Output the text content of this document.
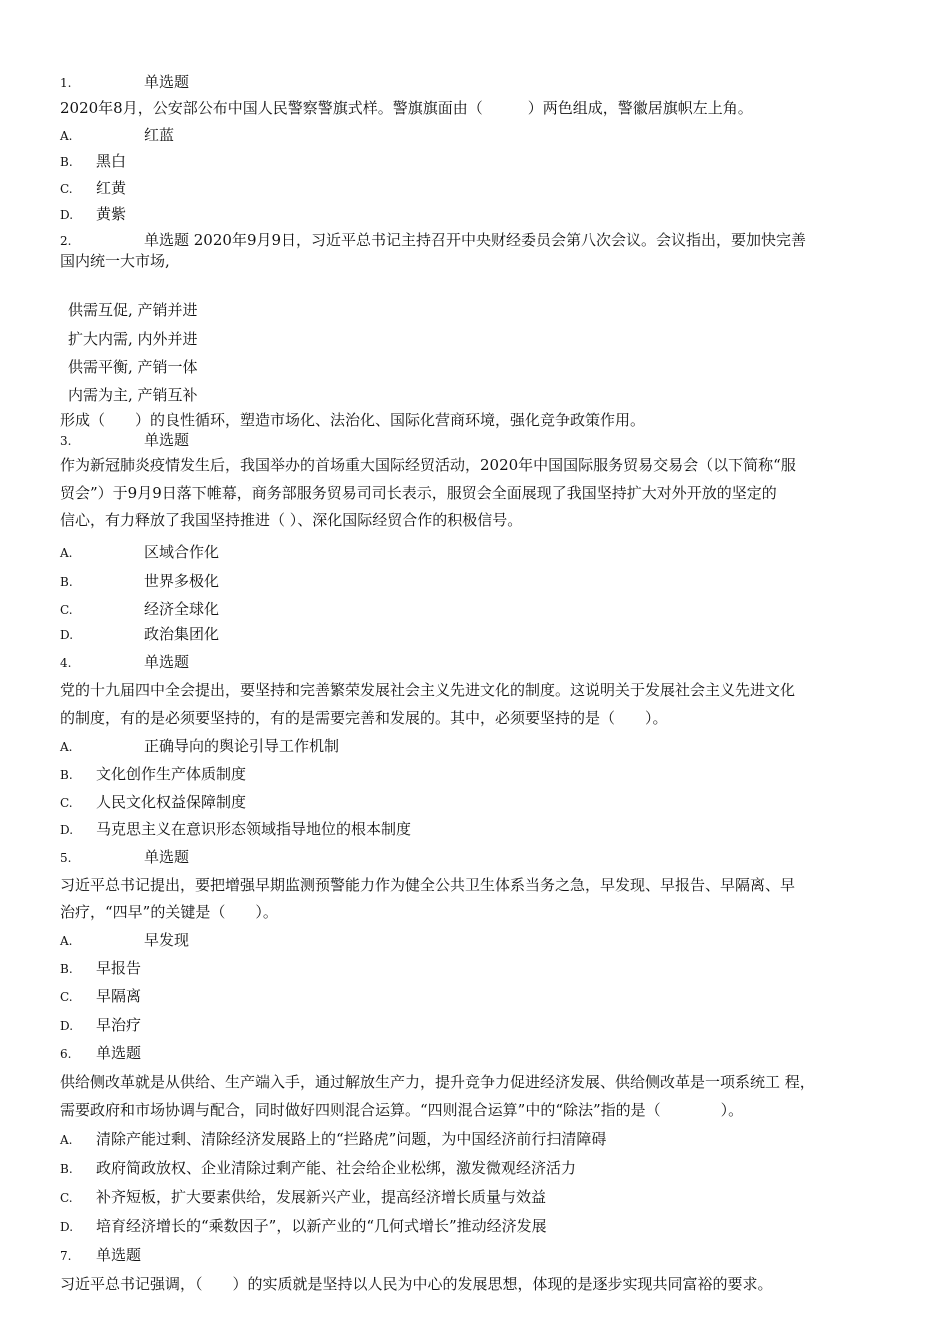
1.	单选题
2020年8月，公安部公布中国人民警察警旗式样。警旗旗面由（　　　）两色组成，警徽居旗帜左上角。
A.	红蓝
B. 黑白
C. 红黄
D. 黄紫
2.	单选题 2020年9月9日，习近平总书记主持召开中央财经委员会第八次会议。会议指出，要加快完善
国内统一大市场,
供需互促, 产销并进
扩大内需, 内外并进
供需平衡, 产销一体
内需为主, 产销互补
形成（　　）的良性循环，塑造市场化、法治化、国际化营商环境，强化竞争政策作用。
3.	单选题
作为新冠肺炎疫情发生后，我国举办的首场重大国际经贸活动，2020年中国国际服务贸易交易会（以下简称“服
贸会”）于9月9日落下帷幕，商务部服务贸易司司长表示，服贸会全面展现了我国坚持扩大对外开放的坚定的
信心，有力释放了我国坚持推进（ ）、深化国际经贸合作的积极信号。
A.	区域合作化
B.	世界多极化
C.	经济全球化
D.	政治集团化
4.	单选题
党的十九届四中全会提出，要坚持和完善繁荣发展社会主义先进文化的制度。这说明关于发展社会主义先进文化
的制度，有的是必须要坚持的，有的是需要完善和发展的。其中，必须要坚持的是（　　）。
A.	正确导向的舆论引导工作机制
B. 文化创作生产体质制度
C. 人民文化权益保障制度
D. 马克思主义在意识形态领域指导地位的根本制度
5.	单选题
习近平总书记提出，要把增强早期监测预警能力作为健全公共卫生体系当务之急，早发现、早报告、早隔离、早
治疗，“四早”的关键是（　　）。
A.	早发现
B. 早报告
C. 早隔离
D. 早治疗
6. 单选题
供给侧改革就是从供给、生产端入手，通过解放生产力，提升竞争力促进经济发展、供给侧改革是一项系统工 程，
需要政府和市场协调与配合，同时做好四则混合运算。“四则混合运算”中的“除法”指的是（　　　　）。
A. 清除产能过剩、清除经济发展路上的“拦路虎”问题，为中国经济前行扫清障碍
B. 政府简政放权、企业清除过剩产能、社会给企业松绑，激发微观经济活力
C. 补齐短板，扩大要素供给，发展新兴产业，提高经济增长质量与效益
D. 培育经济增长的“乘数因子”，以新产业的“几何式增长”推动经济发展
7. 单选题
习近平总书记强调，（　　）的实质就是坚持以人民为中心的发展思想，体现的是逐步实现共同富裕的要求。
